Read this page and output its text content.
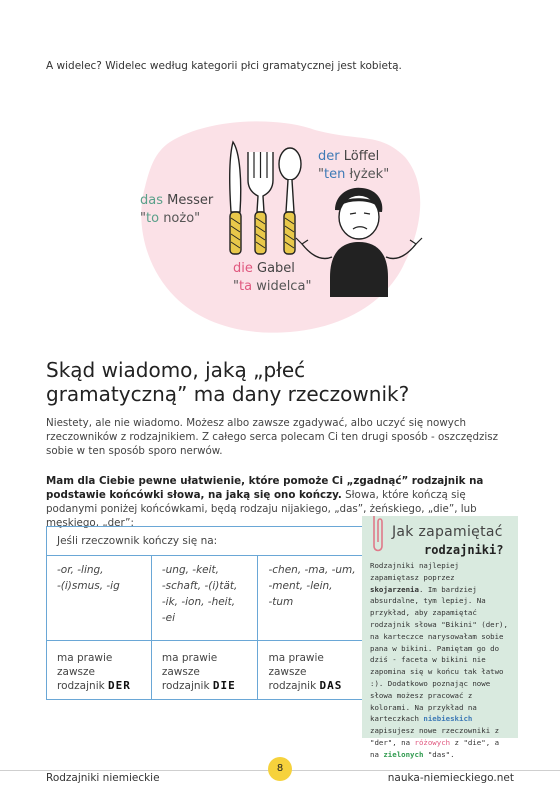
A widelec? Widelec według kategorii płci gramatycznej jest kobietą.
das Messer
"to nożo"
die Gabel
"ta widelca"
der Löffel
"ten łyżek"
Skąd wiadomo, jaką „płeć gramatyczną” ma dany rzeczownik?

Niestety, ale nie wiadomo. Możesz albo zawsze zgadywać, albo uczyć się nowych rzeczowników z rodzajnikiem. Z całego serca polecam Ci ten drugi sposób - oszczędzisz sobie w ten sposób sporo nerwów.

Mam dla Ciebie pewne ułatwienie, które pomoże Ci „zgadnąć” rodzajnik na podstawie końcówki słowa, na jaką się ono kończy. Słowa, które kończą się podanymi poniżej końcówkami, będą rodzaju nijakiego, „das”, żeńskiego, „die”, lub męskiego, „der”:

Jeśli rzeczownik kończy się na:		
-or, -ling,
-(i)smus, -ig	-ung, -keit,
-schaft, -(i)tät,
-ik, -ion, -heit,
-ei	-chen, -ma, -um,
-ment, -lein,
-tum
ma prawie
zawsze
rodzajnik DER	ma prawie
zawsze
rodzajnik DIE	ma prawie
zawsze
rodzajnik DAS
Jak zapamiętać
rodzajniki?
Rodzajniki najlepiej zapamiętasz poprzez skojarzenia. Im bardziej absurdalne, tym lepiej. Na przykład, aby zapamiętać rodzajnik słowa "Bikini" (der), na karteczce narysowałam sobie pana w bikini. Pamiętam go do dziś - faceta w bikini nie zapomina się w końcu tak łatwo :). Dodatkowo poznając nowe słowa możesz pracować z kolorami. Na przykład na karteczkach niebieskich zapisujesz nowe rzeczowniki z "der", na różowych z "die", a na zielonych "das".
8
Rodzajniki niemieckie	nauka-niemieckiego.net
